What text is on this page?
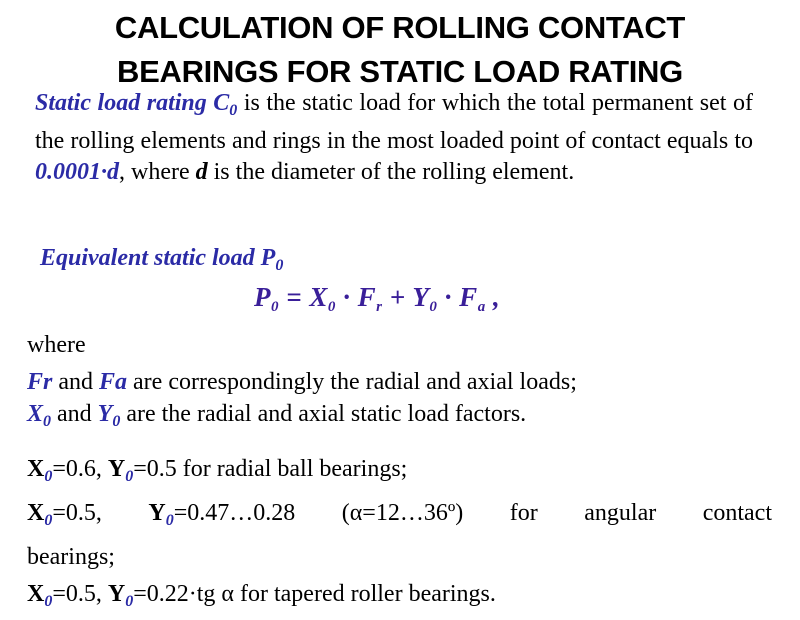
CALCULATION OF ROLLING CONTACT
BEARINGS FOR STATIC LOAD RATING
Static load rating $C_0$ is the static load for which the total permanent set of the rolling elements and rings in the most loaded point of contact equals to 0.0001·d, where d is the diameter of the rolling element.
Equivalent static load $P_0$
$P_0 = X_0 \cdot F_r + Y_0 \cdot F_a$ ,
where
Fr and Fa are correspondingly the radial and axial loads;
$X_0$ and $Y_0$ are the radial and axial static load factors.
$X_0=0.6$, $Y_0=0.5$ for radial ball bearings;
$X_0=0.5$, $Y_0=0.47\dots 0.28$ (α=12…36º) for angular contact
bearings;
$X_0=0.5$, $Y_0=0.22\cdot tg$ α for tapered roller bearings.
